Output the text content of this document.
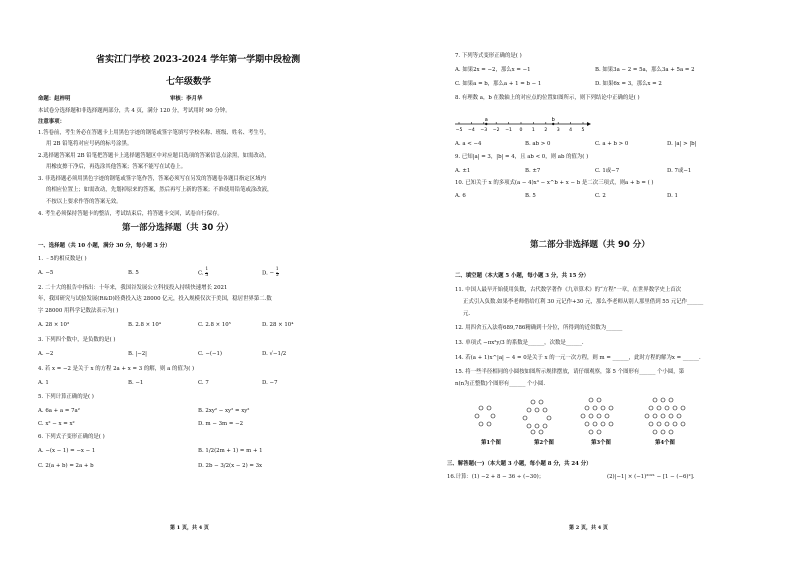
省实江门学校 2023-2024 学年第一学期中段检测
七年级数学
命题：赵梓明	审核：李月华
本试卷分选择题和非选择题两部分，共 4 页，满分 120 分，考试用时 90 分钟。
注意事项：
1.答卷前，考生务必在答题卡上用黑色字迹的钢笔或签字笔填写学校名称、班级、姓名、考生号，
用 2B 铅笔将对应号码的标号涂黑。
2.选择题答案用 2B 铅笔把答题卡上选择题答题区中对应题目选项的答案信息点涂黑，如需改动，
用橡皮擦干净后，再选涂其他答案；答案不能写在试卷上。
3. 非选择题必须用黑色字迹的钢笔或签字笔作答，答案必须写在另发的答题卷各题目指定区域内
的相应位置上；如需改动，先划掉原来的答案，然后再写上新的答案；不准使用铅笔或涂改液，
不按以上要求作答的答案无效。
4. 考生必须保持答题卡的整洁，考试结束后，将答题卡交回，试卷自行保存。
第一部分选择题（共 30 分）
一、选择题（共 10 小题，满分 30 分，每小题 3 分）
1. ﹣5的相反数是( )
A. −5	B. 5	C. $\frac{1}{5}$	D. − $\frac{1}{5}$
2. 二十大的报告中指出：十年来，我国谷发展公立科技投入持续快速增长 2021
年，我国研究与试验发展(R&D)经费投入达 28000 亿元，投入规模仅次于美国，稳居世界第二.数
字 28000 用科学记数法表示为( )
A. 28 × 10³	B. 2.8 × 10⁴	C. 2.8 × 10⁵	D. 28 × 10⁴
3. 下列四个数中，是负数的是( )
A. −2	B. |−2|	C. −(−1)	D. √−1/2
4. 若 x = −2 是关于 x 的方程 2a + x = 3 的解，则 a 的值为( )
A. 1	B. −1	C. 7	D. −7
5. 下列计算正确的是( )
A. 6a + a = 7a²	B. 2xy² − xy² = xy²
C. x² − x = x²	D. m − 3m = −2
6. 下列式子变形正确的是( )
A. −(x − 1) = −x − 1	B. 1/2(2m + 1) = m + 1
C. 2(a + b) = 2a + b	D. 2b − 3/2(x − 2) = 3x
第 1 页，共 4 页
7. 下列等式变形正确的是( )
A. 如果2x = −2，那么x = −1	B. 如果3a − 2 = 5a，那么3a + 5a = 2
C. 如果a = b，那么a + 1 = b − 1	D. 如果6x = 3，那么x = 2
8. 有理数 a，b 在数轴上的对应点的位置如图所示，则下列结论中正确的是( )
−5 −4 −3 −2 −1 0 1 2 3 4 5
a	b
A. a < −4	B. ab > 0	C. a + b > 0	D. |a| > |b|
9. 已知|a| = 3，|b| = 4，且 ab < 0，则 ab 的值为( )
A. ±1	B. ±7	C. 1或−7	D. 7或−1
10. 已知关于 x 的多项式(a − 4)x³ − x^b + x − b 是二次三项式，则a + b = ( )
A. 6	B. 5	C. 2	D. 1
第二部分非选择题（共 90 分）
二、填空题（本大题 5 小题，每小题 3 分，共 15 分）
11. 中国人最早开始使用负数，古代数学著作《九章算术》的“方程”一章，在世界数学史上首次
正式引入负数.如果李老师借给红利 30 元记作+30 元，那么李老师从别人那里借到 55 元记作______
元.
12. 用四舍五入法将689,786精确到十分位，所得到的近似数为______
13. 单项式 −πx²y/3 的系数是______，次数是______.
14. 若(a + 1)x^|a| − 4 = 0是关于 x 的一元一次方程，则 m = ______，此时方程的解为x = ______.
15. 将一些半径相同的小圆按如图所示规律摆放，请仔细观察，第 5 个图形有______ 个小圆，第
n(n为正整数)个图形有______ 个小圆.
第1个图	第2个图	第3个图	第4个图
三、解答题(一)（本大题 3 小题，每小题 8 分，共 24 分）
16.计算：(1) −2 + 8 − 36 ÷ (−30)；	(2)|−1| × (−1)²⁰²¹ − [1 − (−6)²].
第 2 页，共 4 页
